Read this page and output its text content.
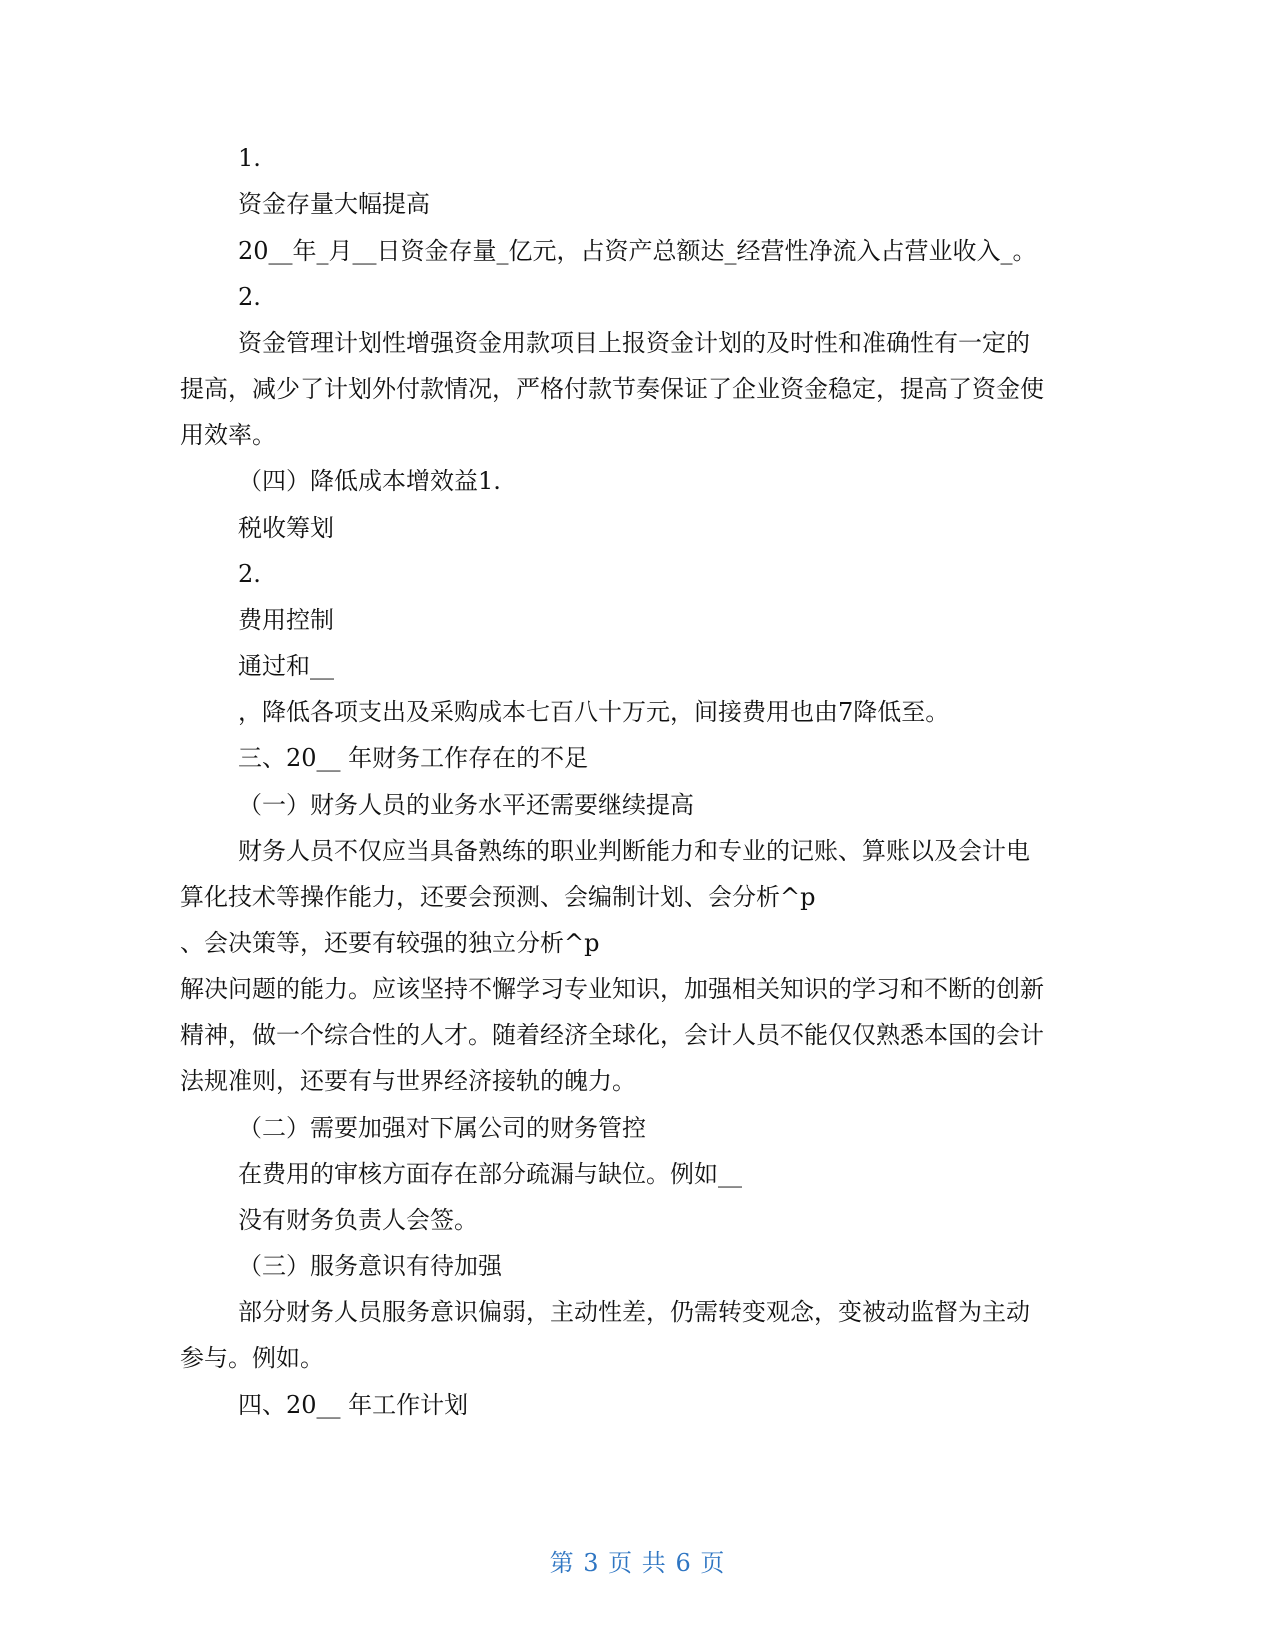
1.

资金存量大幅提高

20__年_月__日资金存量_亿元，占资产总额达_经营性净流入占营业收入_。

2.

资金管理计划性增强资金用款项目上报资金计划的及时性和准确性有一定的

提高，减少了计划外付款情况，严格付款节奏保证了企业资金稳定，提高了资金使

用效率。

（四）降低成本增效益1.

税收筹划

2.

费用控制

通过和__

，降低各项支出及采购成本七百八十万元，间接费用也由7降低至。

三、20__ 年财务工作存在的不足

（一）财务人员的业务水平还需要继续提高

财务人员不仅应当具备熟练的职业判断能力和专业的记账、算账以及会计电

算化技术等操作能力，还要会预测、会编制计划、会分析^p

、会决策等，还要有较强的独立分析^p

解决问题的能力。应该坚持不懈学习专业知识，加强相关知识的学习和不断的创新

精神，做一个综合性的人才。随着经济全球化，会计人员不能仅仅熟悉本国的会计

法规准则，还要有与世界经济接轨的魄力。

（二）需要加强对下属公司的财务管控

在费用的审核方面存在部分疏漏与缺位。例如__

没有财务负责人会签。

（三）服务意识有待加强

部分财务人员服务意识偏弱，主动性差，仍需转变观念，变被动监督为主动

参与。例如。

四、20__ 年工作计划

第 3 页 共 6 页
